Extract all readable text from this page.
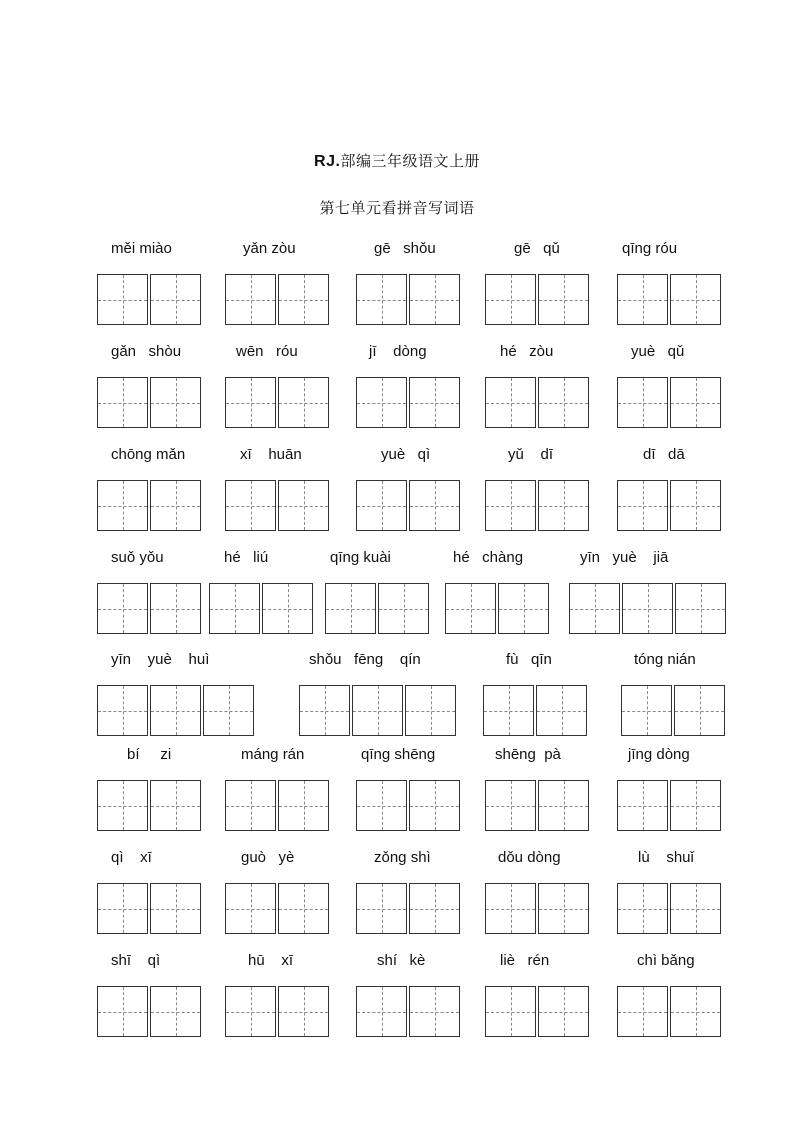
RJ.部编三年级语文上册
第七单元看拼音写词语
měi miào	yǎn zòu	gē   shǒu	gē   qǔ	qīng róu
gǎn   shòu	wēn   róu	jī    dòng	hé   zòu	yuè   qǔ
chōng mǎn	xī    huān	yuè   qì	yǔ    dī	dī   dā
suǒ yǒu	hé   liú	qīng kuài	hé   chàng	yīn   yuè    jiā
yīn    yuè    huì	shǒu   fēng    qín	fù   qīn	tóng nián
bí     zi	máng rán	qīng shēng	shēng  pà	jīng dòng
qì    xī	guò   yè	zǒng shì	dǒu dòng	lù    shuǐ
shī    qì	hū    xī	shí   kè	liè   rén	chì bǎng
